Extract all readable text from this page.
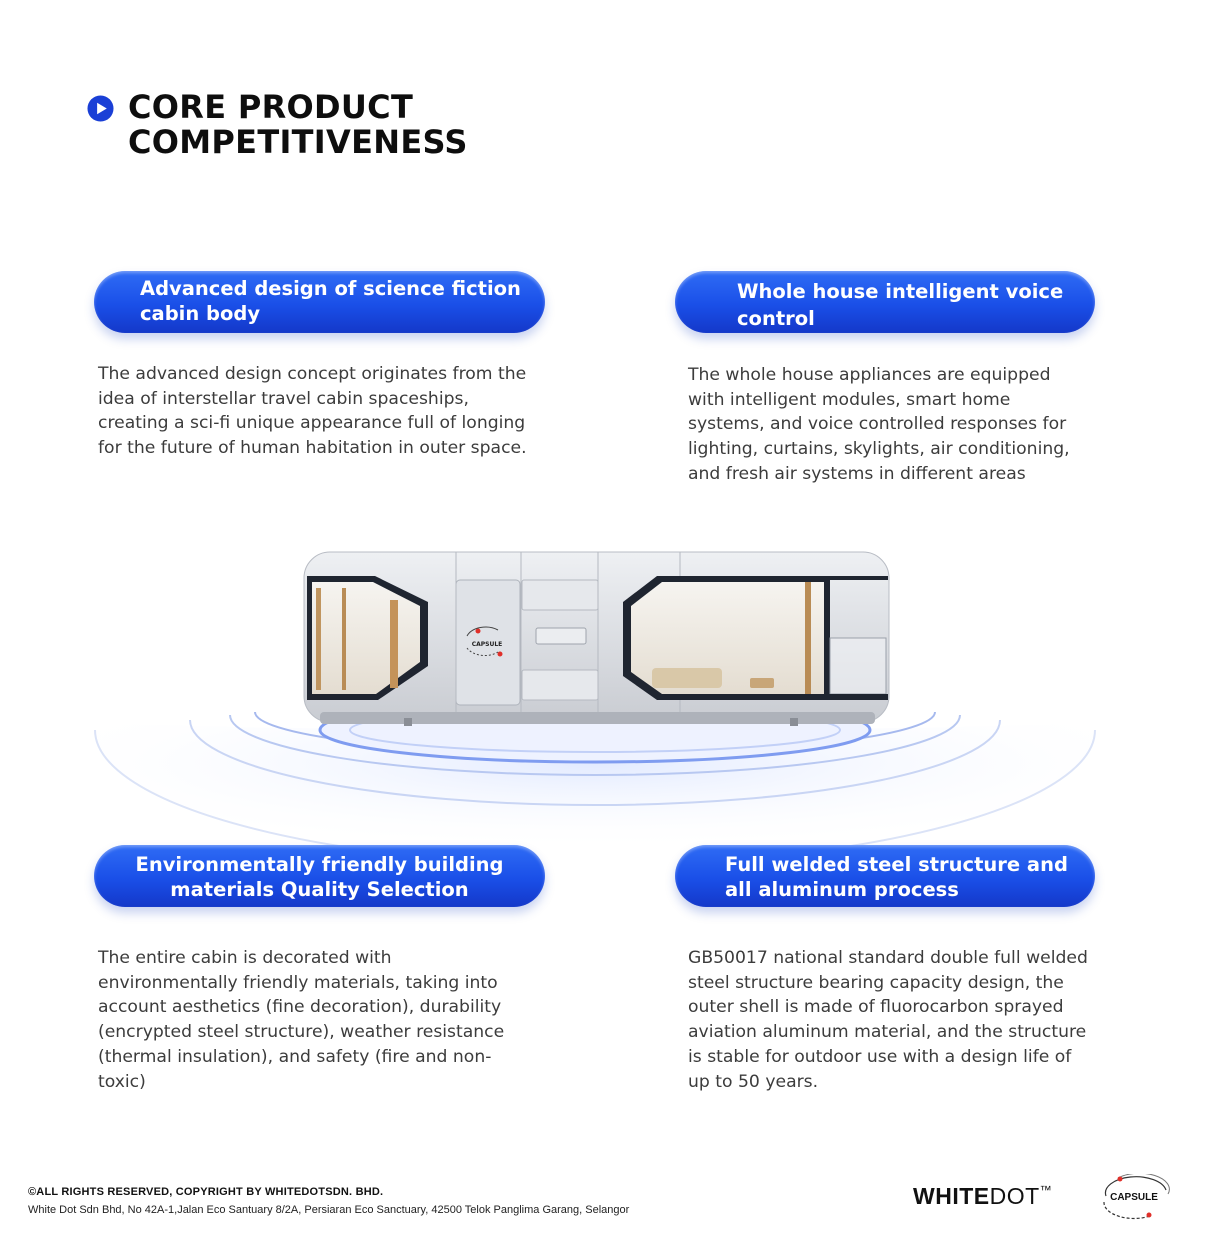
CORE PRODUCT
COMPETITIVENESS
Advanced design of science fiction
cabin body

The advanced design concept originates from the
idea of interstellar travel cabin spaceships,
creating a sci-fi unique appearance full of longing
for the future of human habitation in outer space.

Whole house intelligent voice
control

The whole house appliances are equipped
with intelligent modules, smart home
systems, and voice controlled responses for
lighting, curtains, skylights, air conditioning,
and fresh air systems in different areas

CAPSULE
Environmentally friendly building
materials Quality Selection

The entire cabin is decorated with
environmentally friendly materials, taking into
account aesthetics (fine decoration), durability
(encrypted steel structure), weather resistance
(thermal insulation), and safety (fire and non-
toxic)

Full welded steel structure and
all aluminum process

GB50017 national standard double full welded
steel structure bearing capacity design, the
outer shell is made of fluorocarbon sprayed
aviation aluminum material, and the structure
is stable for outdoor use with a design life of
up to 50 years.

©ALL RIGHTS RESERVED, COPYRIGHT BY WHITEDOTSDN. BHD.
White Dot Sdn Bhd, No 42A-1,Jalan Eco Santuary 8/2A, Persiaran Eco Sanctuary, 42500 Telok Panglima Garang, Selangor
WHITEDOT™
CAPSULE
